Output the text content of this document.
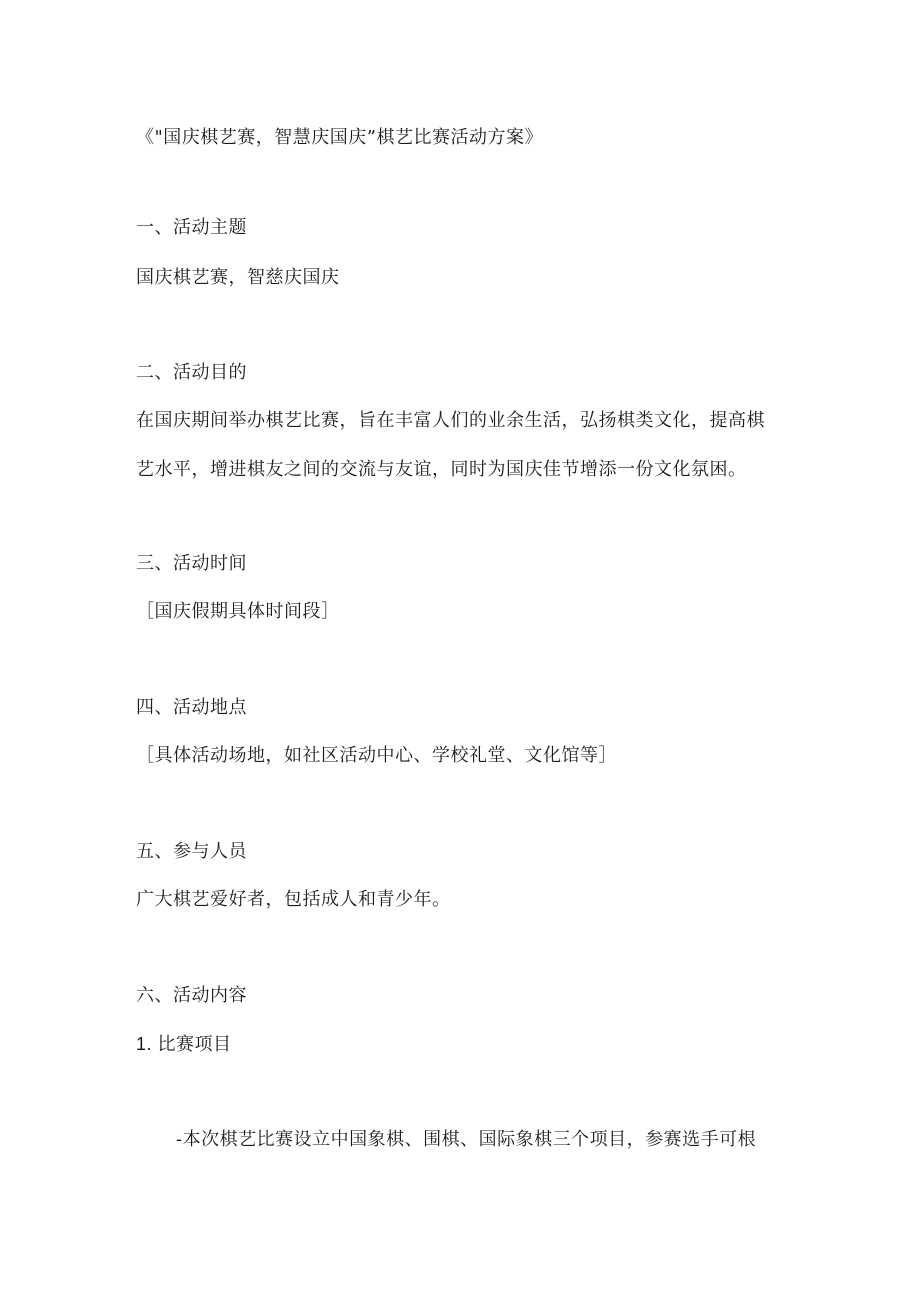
《"国庆棋艺赛，智慧庆国庆”棋艺比赛活动方案》
一、活动主题
国庆棋艺赛，智慈庆国庆
二、活动目的
在国庆期间举办棋艺比赛，旨在丰富人们的业余生活，弘扬棋类文化，提高棋
艺水平，增进棋友之间的交流与友谊，同时为国庆佳节增添一份文化氛困。
三、活动时间
［国庆假期具体时间段］
四、活动地点
［具体活动场地，如社区活动中心、学校礼堂、文化馆等］
五、参与人员
广大棋艺爱好者，包括成人和青少年。
六、活动内容
1. 比赛项目
-本次棋艺比赛设立中国象棋、围棋、国际象棋三个项目，参赛选手可根
